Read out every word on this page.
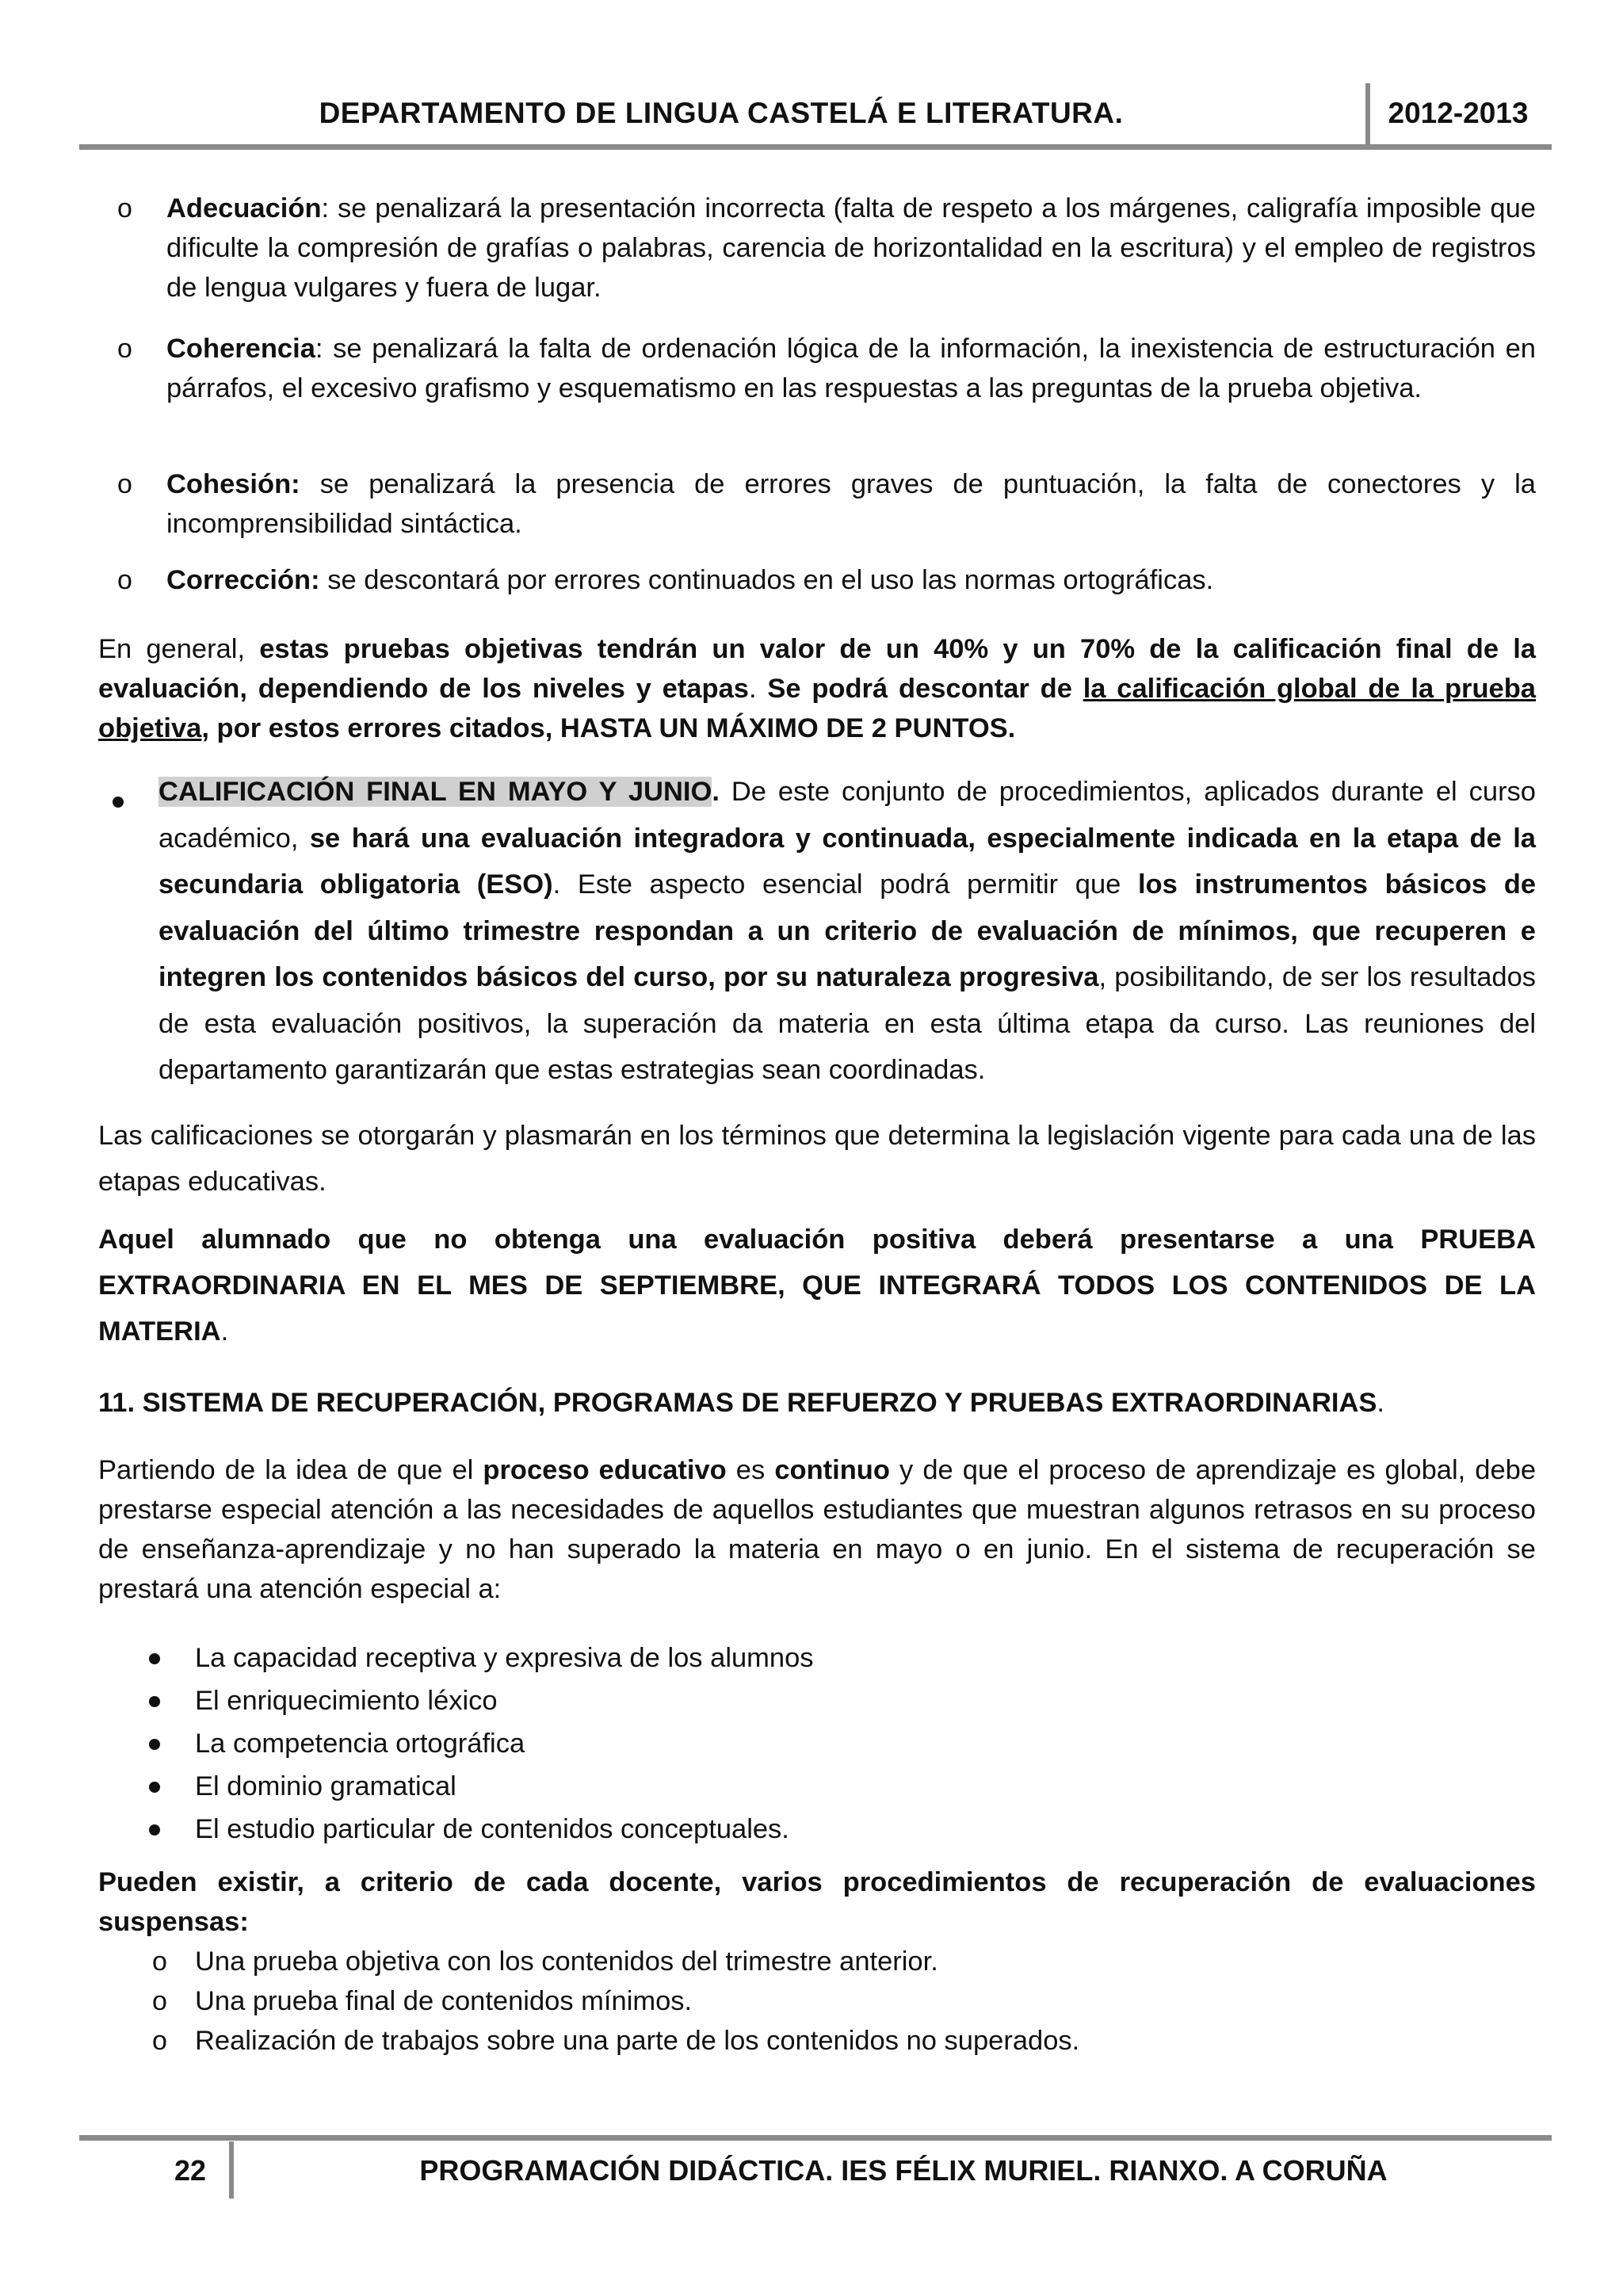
DEPARTAMENTO DE LINGUA CASTELÁ E LITERATURA.	2012-2013
o Adecuación: se penalizará la presentación incorrecta (falta de respeto a los márgenes, caligrafía imposible que dificulte la compresión de grafías o palabras, carencia de horizontalidad en la escritura) y el empleo de registros de lengua vulgares y fuera de lugar.
o Coherencia: se penalizará la falta de ordenación lógica de la información, la inexistencia de estructuración en párrafos, el excesivo grafismo y esquematismo en las respuestas a las preguntas de la prueba objetiva.
o Cohesión: se penalizará la presencia de errores graves de puntuación, la falta de conectores y la incomprensibilidad sintáctica.
o Corrección: se descontará por errores continuados en el uso las normas ortográficas.
En general, estas pruebas objetivas tendrán un valor de un 40% y un 70% de la calificación final de la evaluación, dependiendo de los niveles y etapas. Se podrá descontar de la calificación global de la prueba objetiva, por estos errores citados, HASTA UN MÁXIMO DE 2 PUNTOS.
CALIFICACIÓN FINAL EN MAYO Y JUNIO. De este conjunto de procedimientos, aplicados durante el curso académico, se hará una evaluación integradora y continuada, especialmente indicada en la etapa de la secundaria obligatoria (ESO). Este aspecto esencial podrá permitir que los instrumentos básicos de evaluación del último trimestre respondan a un criterio de evaluación de mínimos, que recuperen e integren los contenidos básicos del curso, por su naturaleza progresiva, posibilitando, de ser los resultados de esta evaluación positivos, la superación da materia en esta última etapa da curso. Las reuniones del departamento garantizarán que estas estrategias sean coordinadas.
Las calificaciones se otorgarán y plasmarán en los términos que determina la legislación vigente para cada una de las etapas educativas.
Aquel alumnado que no obtenga una evaluación positiva deberá presentarse a una PRUEBA EXTRAORDINARIA EN EL MES DE SEPTIEMBRE, QUE INTEGRARÁ TODOS LOS CONTENIDOS DE LA MATERIA.
11. SISTEMA DE RECUPERACIÓN, PROGRAMAS DE REFUERZO Y PRUEBAS EXTRAORDINARIAS.
Partiendo de la idea de que el proceso educativo es continuo y de que el proceso de aprendizaje es global, debe prestarse especial atención a las necesidades de aquellos estudiantes que muestran algunos retrasos en su proceso de enseñanza-aprendizaje y no han superado la materia en mayo o en junio. En el sistema de recuperación se prestará una atención especial a:
La capacidad receptiva y expresiva de los alumnos
El enriquecimiento léxico
La competencia ortográfica
El dominio gramatical
El estudio particular de contenidos conceptuales.
Pueden existir, a criterio de cada docente, varios procedimientos de recuperación de evaluaciones suspensas:
o Una prueba objetiva con los contenidos del trimestre anterior.
o Una prueba final de contenidos mínimos.
o Realización de trabajos sobre una parte de los contenidos no superados.
22	PROGRAMACIÓN DIDÁCTICA. IES FÉLIX MURIEL. RIANXO. A CORUÑA
